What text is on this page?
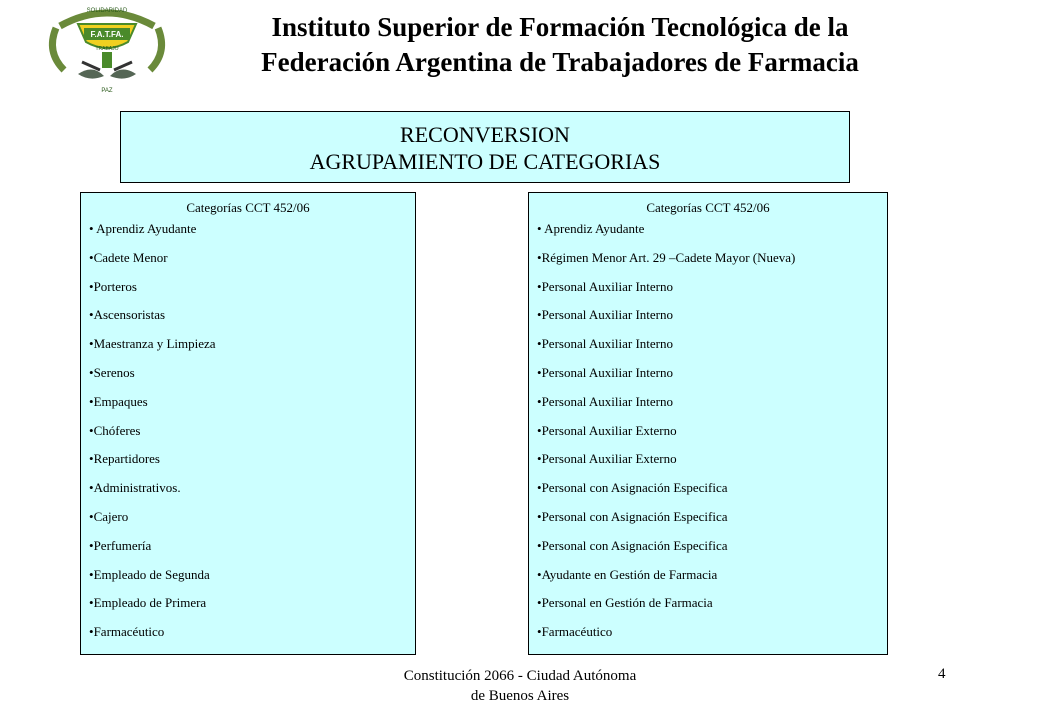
F.A.T.FA.
SOLIDARIDAD
TRABAJO
PAZ
Instituto Superior de Formación Tecnológica de la
Federación Argentina de Trabajadores de Farmacia
RECONVERSION
AGRUPAMIENTO DE CATEGORIAS
Categorías CCT 452/06
• Aprendiz Ayudante
•Cadete Menor
•Porteros
•Ascensoristas
•Maestranza y Limpieza
•Serenos
•Empaques
•Chóferes
•Repartidores
•Administrativos.
•Cajero
•Perfumería
•Empleado de Segunda
•Empleado de Primera
•Farmacéutico
Categorías CCT 452/06
• Aprendiz Ayudante
•Régimen Menor Art. 29 –Cadete Mayor (Nueva)
•Personal Auxiliar Interno
•Personal Auxiliar Interno
•Personal Auxiliar Interno
•Personal Auxiliar Interno
•Personal Auxiliar Interno
•Personal Auxiliar Externo
•Personal Auxiliar Externo
•Personal con Asignación Especifica
•Personal con Asignación Especifica
•Personal con Asignación Especifica
•Ayudante en Gestión de Farmacia
•Personal en Gestión de Farmacia
•Farmacéutico
Constitución 2066 - Ciudad Autónoma
de Buenos Aires
4
